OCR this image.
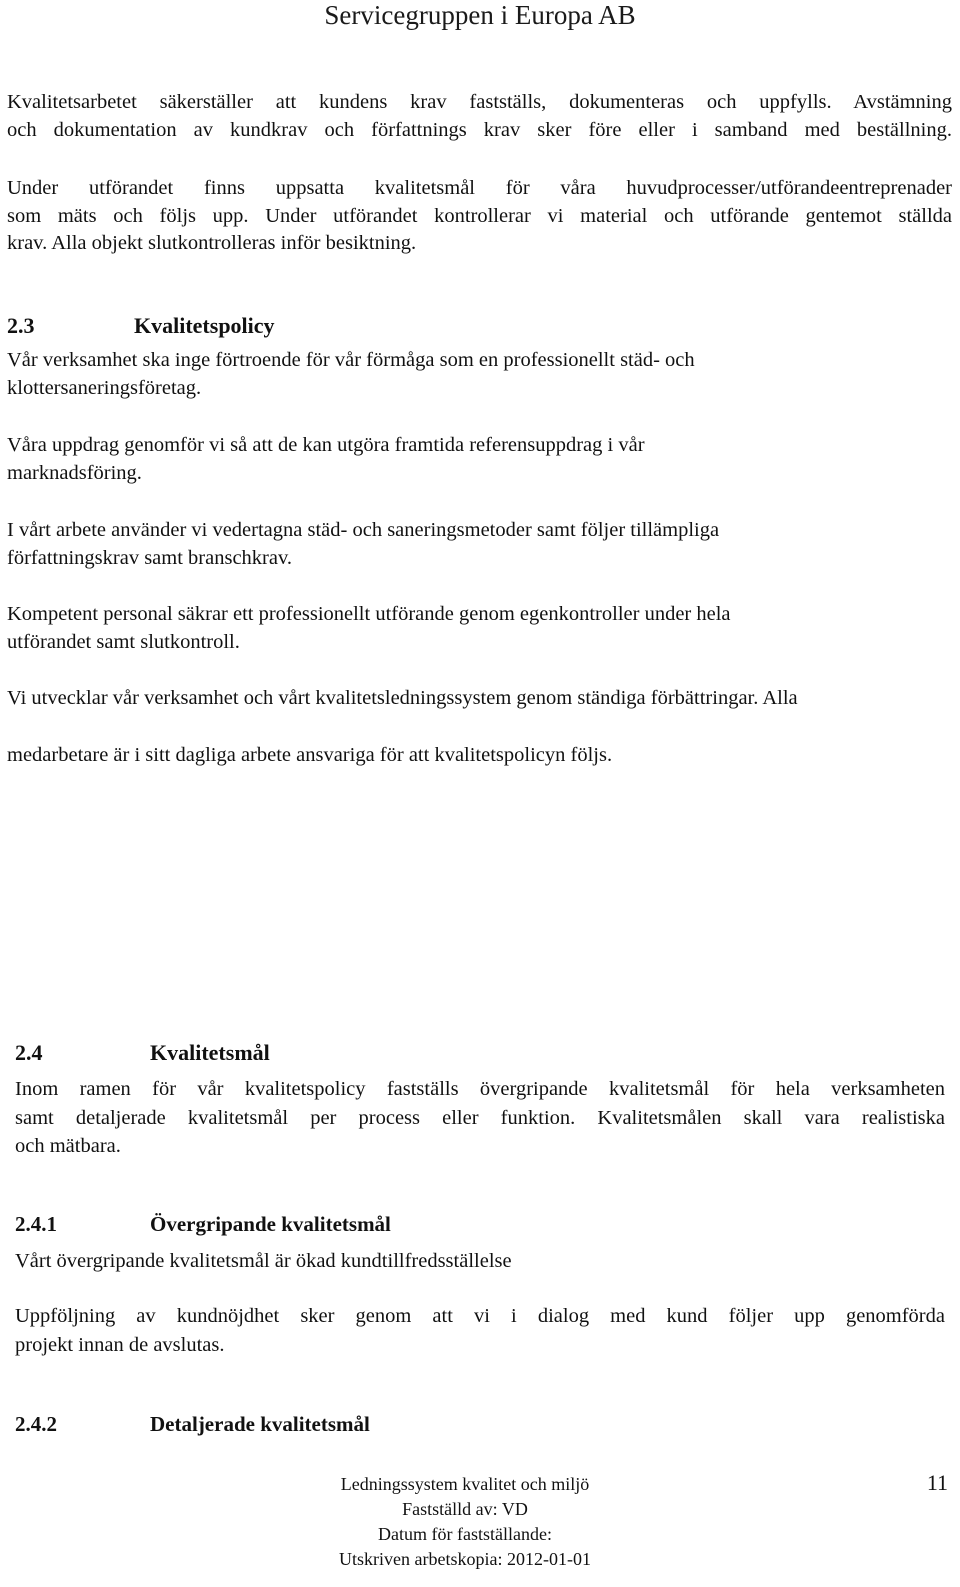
Servicegruppen i Europa AB
Kvalitetsarbetet säkerställer att kundens krav fastställs, dokumenteras och uppfylls. Avstämning
och dokumentation av kundkrav och författnings krav sker före eller i samband med beställning.
Under utförandet finns uppsatta kvalitetsmål för våra huvudprocesser/utförandeentreprenader
som mäts och följs upp. Under utförandet kontrollerar vi material och utförande gentemot ställda
krav. Alla objekt slutkontrolleras inför besiktning.
2.3	Kvalitetspolicy
Vår verksamhet ska inge förtroende för vår förmåga som en professionellt städ- och
klottersaneringsföretag.
Våra uppdrag genomför vi så att de kan utgöra framtida referensuppdrag i vår
marknadsföring.
I vårt arbete använder vi vedertagna städ- och saneringsmetoder samt följer tillämpliga
författningskrav samt branschkrav.
Kompetent personal säkrar ett professionellt utförande genom egenkontroller under hela
utförandet samt slutkontroll.
Vi utvecklar vår verksamhet och vårt kvalitetsledningssystem genom ständiga förbättringar. Alla
medarbetare är i sitt dagliga arbete ansvariga för att kvalitetspolicyn följs.
2.4	Kvalitetsmål
Inom ramen för vår kvalitetspolicy fastställs övergripande kvalitetsmål för hela verksamheten
samt detaljerade kvalitetsmål per process eller funktion. Kvalitetsmålen skall vara realistiska
och mätbara.
2.4.1	Övergripande kvalitetsmål
Vårt övergripande kvalitetsmål är ökad kundtillfredsställelse
Uppföljning av kundnöjdhet sker genom att vi i dialog med kund följer upp genomförda
projekt innan de avslutas.
2.4.2	Detaljerade kvalitetsmål
Ledningssystem kvalitet och miljö
Fastställd av: VD
Datum för fastställande:
Utskriven arbetskopia: 2012-01-01
11
